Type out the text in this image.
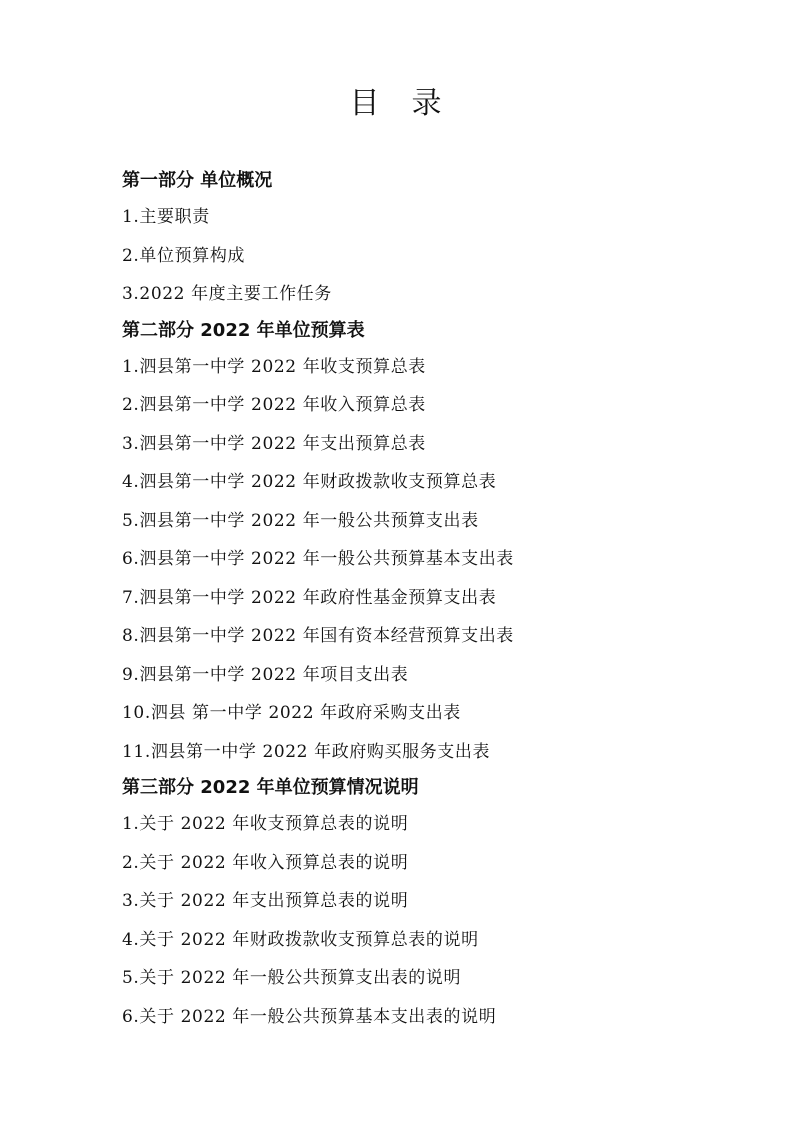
目 录
第一部分 单位概况
1.主要职责
2.单位预算构成
3.2022 年度主要工作任务
第二部分 2022 年单位预算表
1.泗县第一中学 2022 年收支预算总表
2.泗县第一中学 2022 年收入预算总表
3.泗县第一中学 2022 年支出预算总表
4.泗县第一中学 2022 年财政拨款收支预算总表
5.泗县第一中学 2022 年一般公共预算支出表
6.泗县第一中学 2022 年一般公共预算基本支出表
7.泗县第一中学 2022 年政府性基金预算支出表
8.泗县第一中学 2022 年国有资本经营预算支出表
9.泗县第一中学 2022 年项目支出表
10.泗县 第一中学 2022 年政府采购支出表
11.泗县第一中学 2022 年政府购买服务支出表
第三部分 2022 年单位预算情况说明
1.关于 2022 年收支预算总表的说明
2.关于 2022 年收入预算总表的说明
3.关于 2022 年支出预算总表的说明
4.关于 2022 年财政拨款收支预算总表的说明
5.关于 2022 年一般公共预算支出表的说明
6.关于 2022 年一般公共预算基本支出表的说明
